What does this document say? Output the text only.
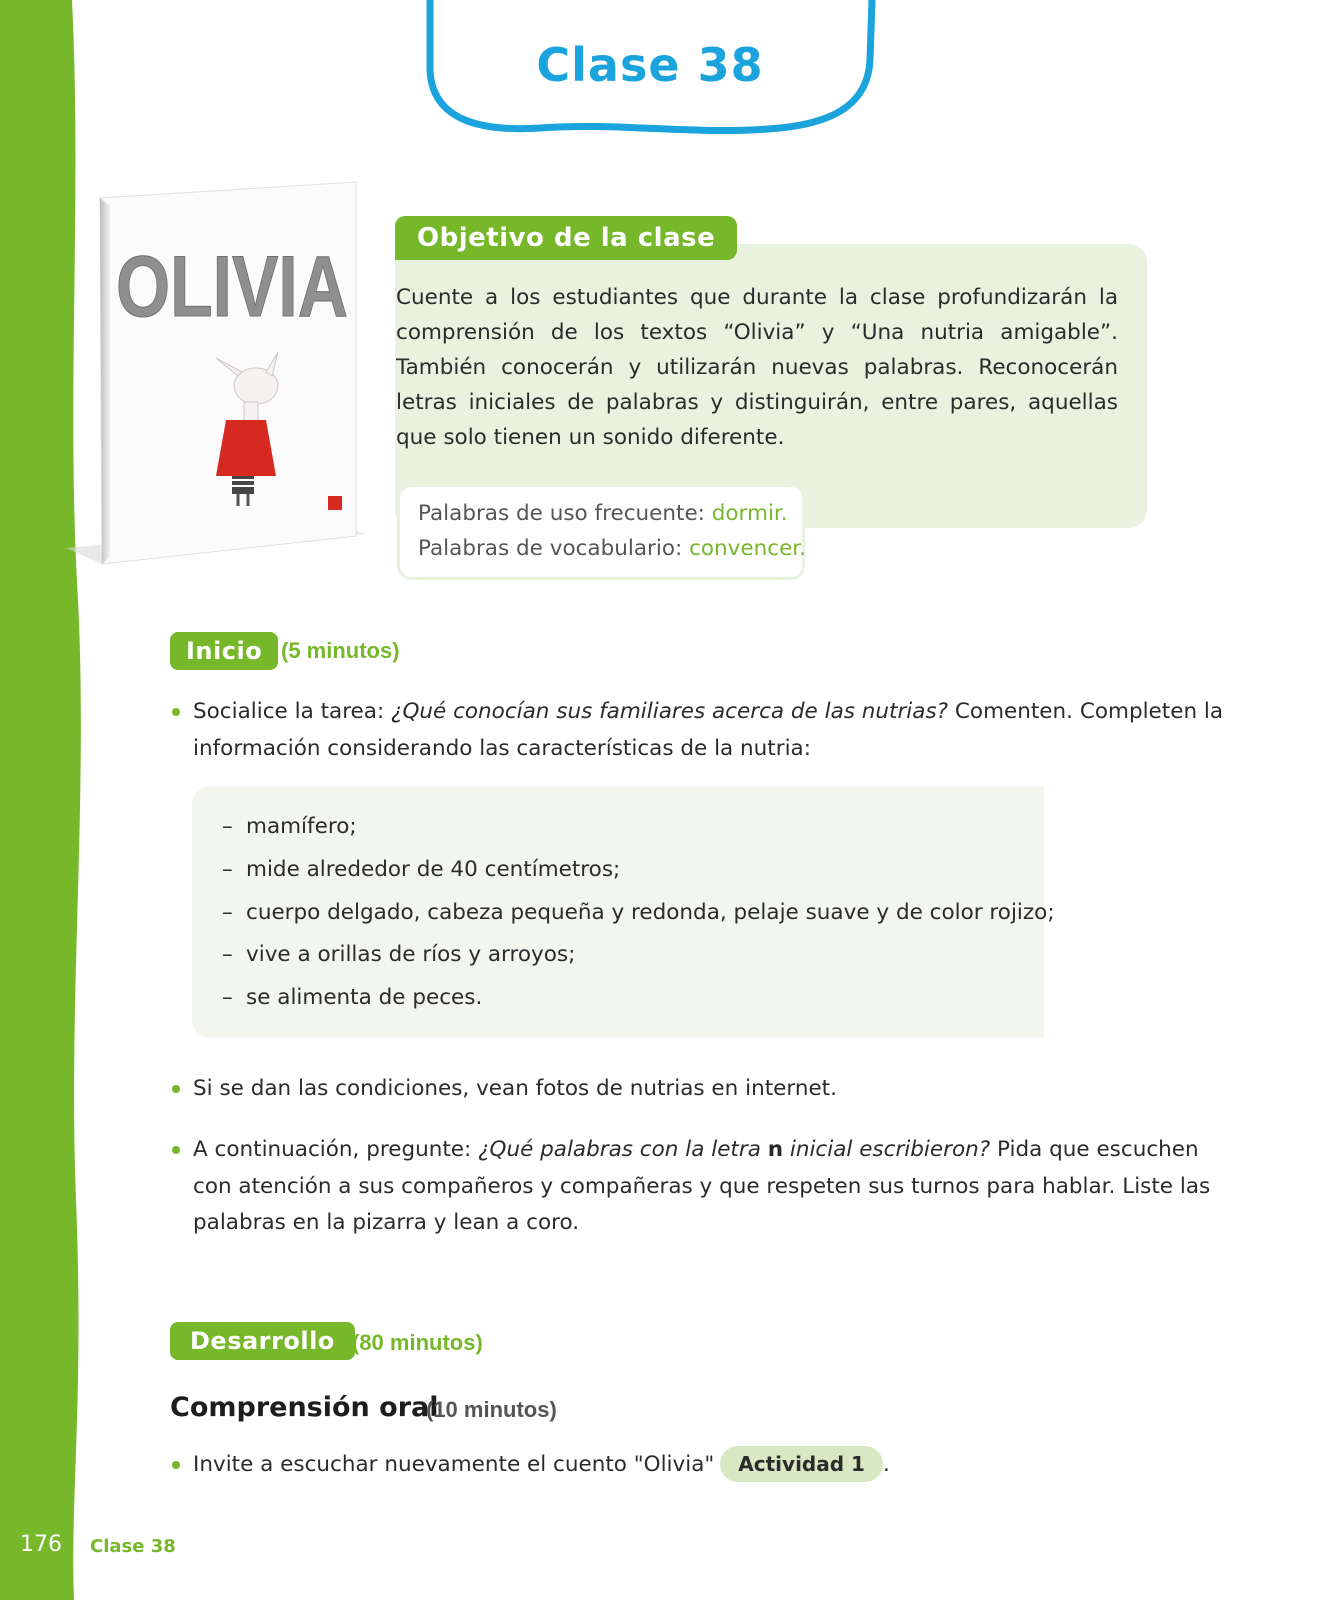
Clase 38
OLIVIA
Objetivo de la clase
Cuente a los estudiantes que durante la clase profundizarán la comprensión de los textos “Olivia” y “Una nutria amigable”. También conocerán y utilizarán nuevas palabras. Reconocerán letras iniciales de palabras y distinguirán, entre pares, aquellas que solo tienen un sonido diferente.
Palabras de uso frecuente: dormir.
Palabras de vocabulario: convencer.
Inicio (5 minutos)
Socialice la tarea: ¿Qué conocían sus familiares acerca de las nutrias? Comenten. Completen la
información considerando las características de la nutria:
– mamífero;
– mide alrededor de 40 centímetros;
– cuerpo delgado, cabeza pequeña y redonda, pelaje suave y de color rojizo;
– vive a orillas de ríos y arroyos;
– se alimenta de peces.
Si se dan las condiciones, vean fotos de nutrias en internet.
A continuación, pregunte: ¿Qué palabras con la letra n inicial escribieron? Pida que escuchen
con atención a sus compañeros y compañeras y que respeten sus turnos para hablar. Liste las
palabras en la pizarra y lean a coro.
Desarrollo (80 minutos)
Comprensión oral
(10 minutos)
Invite a escuchar nuevamente el cuento "Olivia" Actividad 1 .
176 Clase 38
